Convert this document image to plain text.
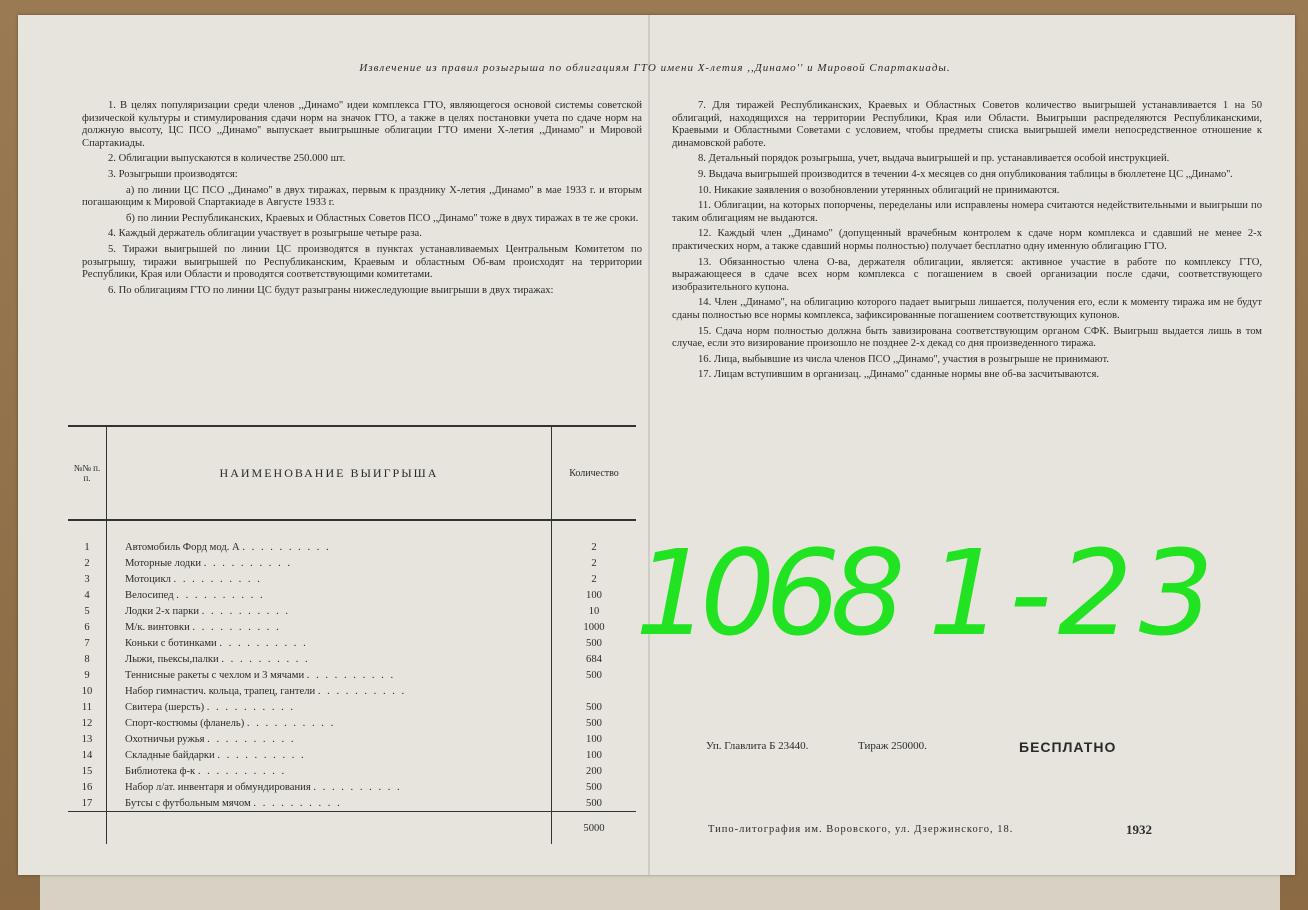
Извлечение из правил розыгрыша по облигациям ГТО имени X-летия ,,Динамо'' и Мировой Спартакиады.

1. В целях популяризации среди членов ,,Динамо'' идеи комплекса ГТО, являющегося основой системы советской физической культуры и стимулирования сдачи норм на значок ГТО, а также в целях постановки учета по сдаче норм на должную высоту, ЦС ПСО ,,Динамо'' выпускает выигрышные облигации ГТО имени X-летия ,,Динамо'' и Мировой Спартакиады.

2. Облигации выпускаются в количестве 250.000 шт.

3. Розыгрыши производятся:

а) по линии ЦС ПСО ,,Динамо'' в двух тиражах, первым к празднику X-летия ,,Динамо'' в мае 1933 г. и вторым погашающим к Мировой Спартакиаде в Августе 1933 г.

б) по линии Республиканских, Краевых и Областных Советов ПСО ,,Динамо'' тоже в двух тиражах в те же сроки.

4. Каждый держатель облигации участвует в розыгрыше четыре раза.

5. Тиражи выигрышей по линии ЦС производятся в пунктах устанавливаемых Центральным Комитетом по розыгрышу, тиражи выигрышей по Республиканским, Краевым и областным Об-вам происходят на территории Республики, Края или Области и проводятся соответствующими комитетами.

6. По облигациям ГТО по линии ЦС будут разыграны нижеследующие выигрыши в двух тиражах:

№№ п. п.	НАИМЕНОВАНИЕ ВЫИГРЫША	Количество
1	Автомобиль Форд мод. А . . . . . . . . . .	2
2	Моторные лодки . . . . . . . . . .	2
3	Мотоцикл . . . . . . . . . .	2
4	Велосипед . . . . . . . . . .	100
5	Лодки 2-х парки . . . . . . . . . .	10
6	М/к. винтовки . . . . . . . . . .	1000
7	Коньки с ботинками . . . . . . . . . .	500
8	Лыжи, пьексы,палки . . . . . . . . . .	684
9	Теннисные ракеты с чехлом и 3 мячами . . . . . . . . . .	500
10	Набор гимнастич. кольца, трапец, гантели . . . . . . . . . .	
11	Свитера (шерсть) . . . . . . . . . .	500
12	Спорт-костюмы (фланель) . . . . . . . . . .	500
13	Охотничьи ружья . . . . . . . . . .	100
14	Складные байдарки . . . . . . . . . .	100
15	Библиотека ф-к . . . . . . . . . .	200
16	Набор л/ат. инвентаря и обмундирования . . . . . . . . . .	500
17	Бутсы с футбольным мячом . . . . . . . . . .	500
		5000

7. Для тиражей Республиканских, Краевых и Областных Советов количество выигрышей устанавливается 1 на 50 облигаций, находящихся на территории Республики, Края или Области. Выигрыши распределяются Республиканскими, Краевыми и Областными Советами с условием, чтобы предметы списка выигрышей имели непосредственное отношение к динамовской работе.

8. Детальный порядок розыгрыша, учет, выдача выигрышей и пр. устанавливается особой инструкцией.

9. Выдача выигрышей производится в течении 4-х месяцев со дня опубликования таблицы в бюллетене ЦС ,,Динамо''.

10. Никакие заявления о возобновлении утерянных облигаций не принимаются.

11. Облигации, на которых попорчены, переделаны или исправлены номера считаются недействительными и выигрыши по таким облигациям не выдаются.

12. Каждый член ,,Динамо'' (допущенный врачебным контролем к сдаче норм комплекса и сдавший не менее 2-х практических норм, а также сдавший нормы полностью) получает бесплатно одну именную облигацию ГТО.

13. Обязанностью члена О-ва, держателя облигации, является: активное участие в работе по комплексу ГТО, выражающееся в сдаче всех норм комплекса с погашением в своей организации после сдачи, соответствующего изобразительного купона.

14. Член ,,Динамо'', на облигацию которого падает выигрыш лишается, получения его, если к моменту тиража им не будут сданы полностью все нормы комплекса, зафиксированные погашением соответствующих купонов.

15. Сдача норм полностью должна быть завизирована соответствующим органом СФК. Выигрыш выдается лишь в том случае, если это визирование произошло не позднее 2-х декад со дня произведенного тиража.

16. Лица, выбывшие из числа членов ПСО ,,Динамо'', участия в розыгрыше не принимают.

17. Лицам вступившим в организац. ,,Динамо'' сданные нормы вне об-ва засчитываются.

1068 1-23
Уп. Главлита Б 23440.	Тираж 250000.	БЕСПЛАТНО
Типо-литография им. Воровского, ул. Дзержинского, 18.	1932
